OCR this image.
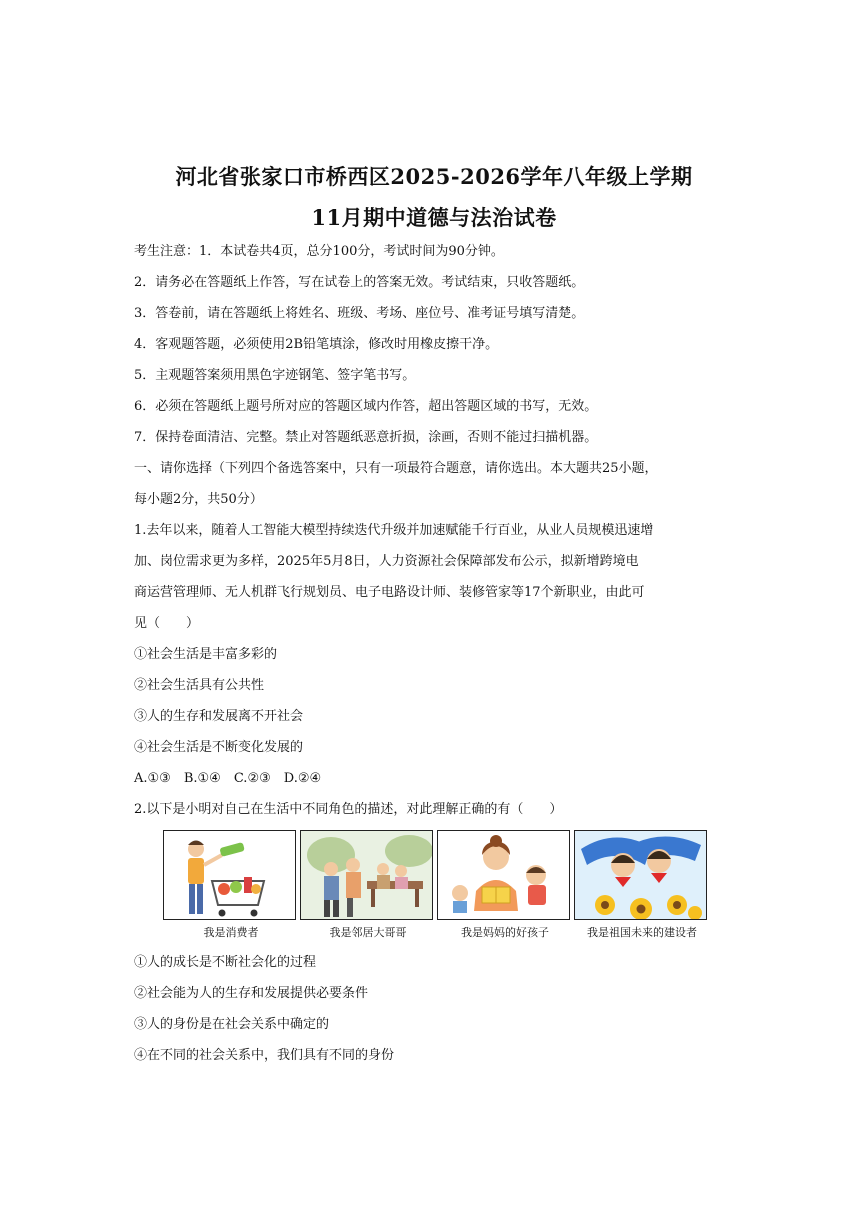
河北省张家口市桥西区2025-2026学年八年级上学期
11月期中道德与法治试卷
考生注意：1．本试卷共4页，总分100分，考试时间为90分钟。
2．请务必在答题纸上作答，写在试卷上的答案无效。考试结束，只收答题纸。
3．答卷前，请在答题纸上将姓名、班级、考场、座位号、准考证号填写清楚。
4．客观题答题，必须使用2B铅笔填涂，修改时用橡皮擦干净。
5．主观题答案须用黑色字迹钢笔、签字笔书写。
6．必须在答题纸上题号所对应的答题区域内作答，超出答题区域的书写，无效。
7．保持卷面清洁、完整。禁止对答题纸恶意折损，涂画，否则不能过扫描机器。
一、请你选择（下列四个备选答案中，只有一项最符合题意，请你选出。本大题共25小题，
每小题2分，共50分）
1.去年以来，随着人工智能大模型持续迭代升级并加速赋能千行百业，从业人员规模迅速增
加、岗位需求更为多样，2025年5月8日，人力资源社会保障部发布公示，拟新增跨境电
商运营管理师、无人机群飞行规划员、电子电路设计师、装修管家等17个新职业，由此可
见（　　）
①社会生活是丰富多彩的
②社会生活具有公共性
③人的生存和发展离不开社会
④社会生活是不断变化发展的
A.①③　B.①④　C.②③　D.②④
2.以下是小明对自己在生活中不同角色的描述，对此理解正确的有（　　）
我是消费者	我是邻居大哥哥	我是妈妈的好孩子	我是祖国未来的建设者
①人的成长是不断社会化的过程
②社会能为人的生存和发展提供必要条件
③人的身份是在社会关系中确定的
④在不同的社会关系中，我们具有不同的身份
